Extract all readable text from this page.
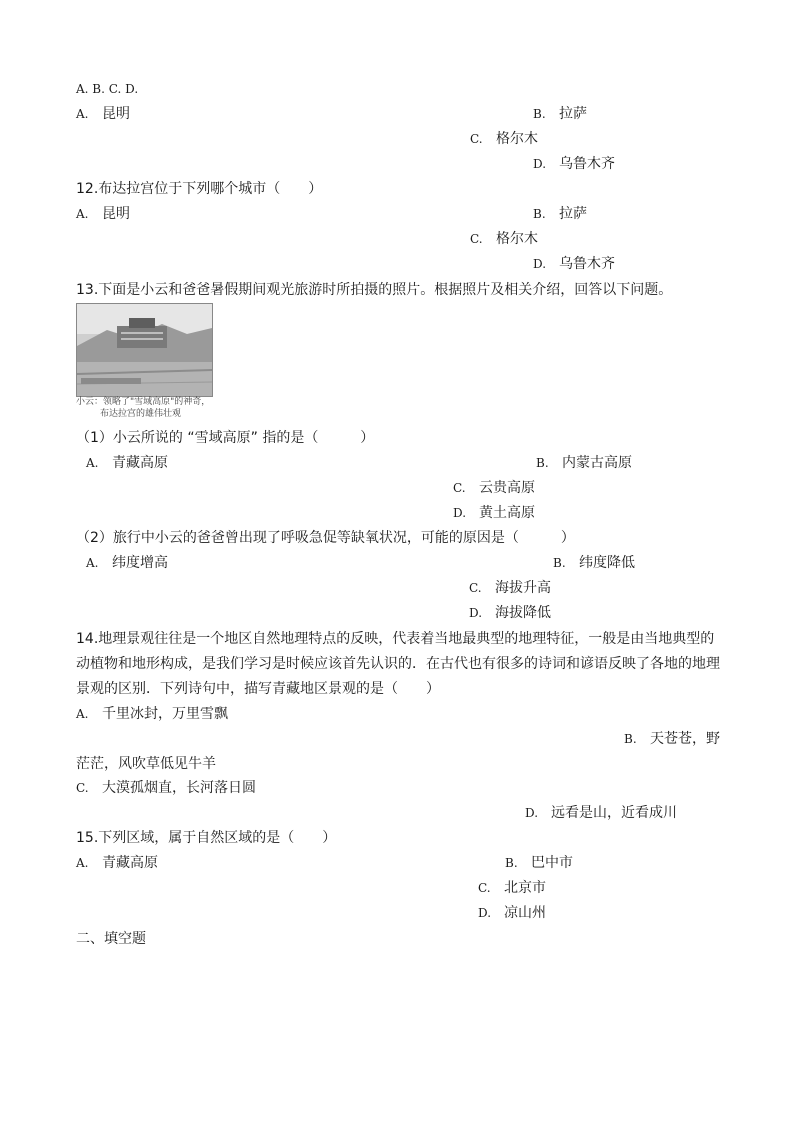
A. B. C. D.
A. 昆明	B. 拉萨
C. 格尔木
D. 乌鲁木齐
12.布达拉宫位于下列哪个城市（　　）
A. 昆明	B. 拉萨
C. 格尔木
D. 乌鲁木齐
13.下面是小云和爸爸暑假期间观光旅游时所拍摄的照片。根据照片及相关介绍，回答以下问题。
小云：领略了"雪域高原"的神奇，
布达拉宫的雄伟壮观
（1）小云所说的 “雪域高原” 指的是（　　　）
A. 青藏高原	B. 内蒙古高原
C. 云贵高原
D. 黄土高原
（2）旅行中小云的爸爸曾出现了呼吸急促等缺氧状况，可能的原因是（　　　）
A. 纬度增高	B. 纬度降低
C. 海拔升高
D. 海拔降低
14.地理景观往往是一个地区自然地理特点的反映，代表着当地最典型的地理特征，一般是由当地典型的
动植物和地形构成，是我们学习是时候应该首先认识的．在古代也有很多的诗词和谚语反映了各地的地理
景观的区别．下列诗句中，描写青藏地区景观的是（　　）
A. 千里冰封，万里雪飘
B. 天苍苍，野
茫茫，风吹草低见牛羊
C. 大漠孤烟直，长河落日圆
D. 远看是山，近看成川
15.下列区域，属于自然区域的是（　　）
A. 青藏高原	B. 巴中市
C. 北京市
D. 凉山州
二、填空题
